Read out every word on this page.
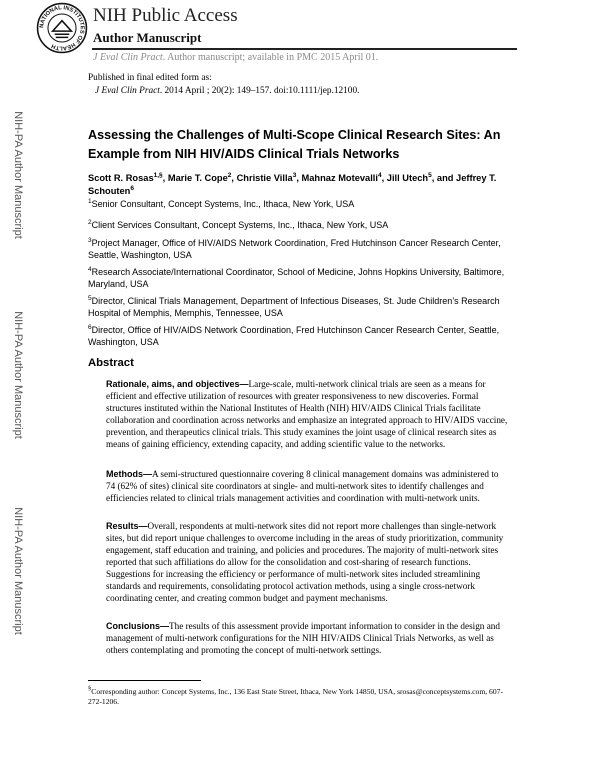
NATIONAL INSTITUTES OF HEALTH
NIH Public Access
Author Manuscript
J Eval Clin Pract. Author manuscript; available in PMC 2015 April 01.
Published in final edited form as:
J Eval Clin Pract. 2014 April ; 20(2): 149–157. doi:10.1111/jep.12100.
NIH-PA Author Manuscript
NIH-PA Author Manuscript
NIH-PA Author Manuscript
Assessing the Challenges of Multi-Scope Clinical Research Sites: An Example from NIH HIV/AIDS Clinical Trials Networks

Scott R. Rosas$^{1,\S}$, Marie T. Cope$^2$, Christie Villa$^3$, Mahnaz Motevalli$^4$, Jill Utech$^5$, and Jeffrey T. Schouten$^6$

$^1$Senior Consultant, Concept Systems, Inc., Ithaca, New York, USA

$^2$Client Services Consultant, Concept Systems, Inc., Ithaca, New York, USA

$^3$Project Manager, Office of HIV/AIDS Network Coordination, Fred Hutchinson Cancer Research Center, Seattle, Washington, USA

$^4$Research Associate/International Coordinator, School of Medicine, Johns Hopkins University, Baltimore, Maryland, USA

$^5$Director, Clinical Trials Management, Department of Infectious Diseases, St. Jude Children’s Research Hospital of Memphis, Memphis, Tennessee, USA

$^6$Director, Office of HIV/AIDS Network Coordination, Fred Hutchinson Cancer Research Center, Seattle, Washington, USA

Abstract

Rationale, aims, and objectives—Large-scale, multi-network clinical trials are seen as a means for efficient and effective utilization of resources with greater responsiveness to new discoveries. Formal structures instituted within the National Institutes of Health (NIH) HIV/AIDS Clinical Trials facilitate collaboration and coordination across networks and emphasize an integrated approach to HIV/AIDS vaccine, prevention, and therapeutics clinical trials. This study examines the joint usage of clinical research sites as means of gaining efficiency, extending capacity, and adding scientific value to the networks.

Methods—A semi-structured questionnaire covering 8 clinical management domains was administered to 74 (62% of sites) clinical site coordinators at single- and multi-network sites to identify challenges and efficiencies related to clinical trials management activities and coordination with multi-network units.

Results—Overall, respondents at multi-network sites did not report more challenges than single-network sites, but did report unique challenges to overcome including in the areas of study prioritization, community engagement, staff education and training, and policies and procedures. The majority of multi-network sites reported that such affiliations do allow for the consolidation and cost-sharing of research functions. Suggestions for increasing the efficiency or performance of multi-network sites included streamlining standards and requirements, consolidating protocol activation methods, using a single cross-network coordinating center, and creating common budget and payment mechanisms.

Conclusions—The results of this assessment provide important information to consider in the design and management of multi-network configurations for the NIH HIV/AIDS Clinical Trials Networks, as well as others contemplating and promoting the concept of multi-network settings.

§Corresponding author: Concept Systems, Inc., 136 East State Street, Ithaca, New York 14850, USA, srosas@conceptsystems.com, 607-272-1206.
